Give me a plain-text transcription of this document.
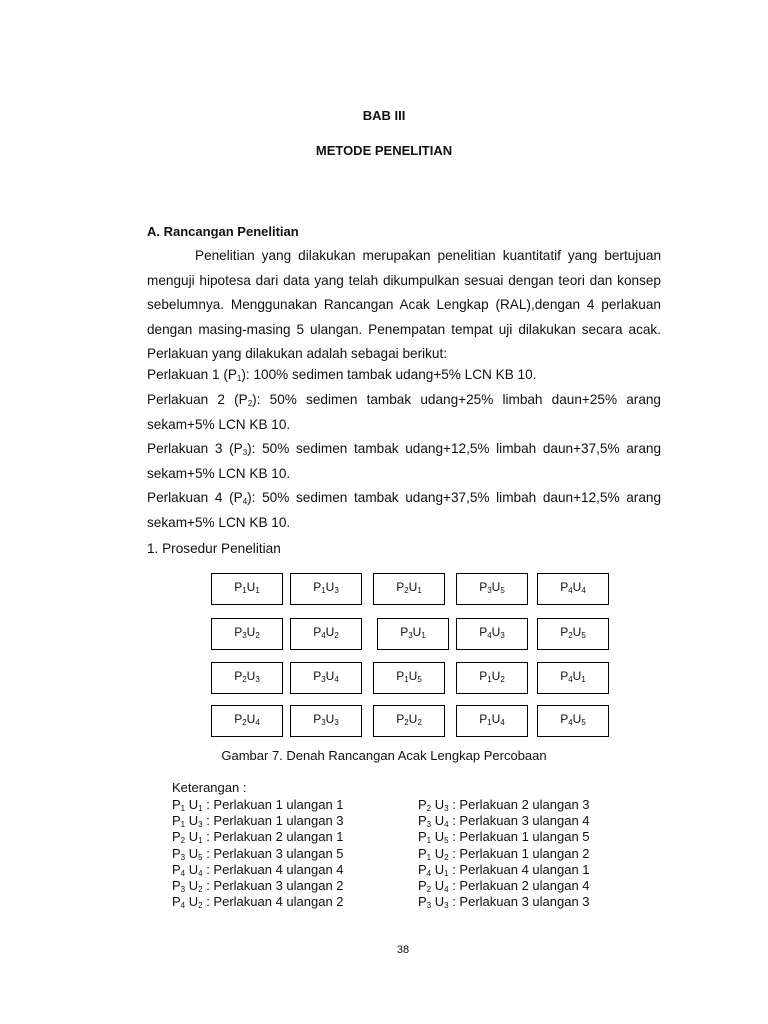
BAB III
METODE PENELITIAN
A. Rancangan Penelitian
Penelitian yang dilakukan merupakan penelitian kuantitatif yang bertujuan menguji hipotesa dari data yang telah dikumpulkan sesuai dengan teori dan konsep sebelumnya. Menggunakan Rancangan Acak Lengkap (RAL),dengan 4 perlakuan dengan masing-masing 5 ulangan. Penempatan tempat uji dilakukan secara acak. Perlakuan yang dilakukan adalah sebagai berikut:
Perlakuan 1 $(P_1)$: 100% sedimen tambak udang+5% LCN KB 10.
Perlakuan 2 $(P_2)$: 50% sedimen tambak udang+25% limbah daun+25% arang
sekam+5% LCN KB 10.
Perlakuan 3 $(P_3)$: 50% sedimen tambak udang+12,5% limbah daun+37,5% arang
sekam+5% LCN KB 10.
Perlakuan 4 $(P_4)$: 50% sedimen tambak udang+37,5% limbah daun+12,5% arang
sekam+5% LCN KB 10.
1. Prosedur Penelitian
$P_1U_1$	$P_1U_3$	$P_2U_1$	$P_3U_5$	$P_4U_4$
$P_3U_2$	$P_4U_2$	$P_3U_1$	$P_4U_3$	$P_2U_5$
$P_2U_3$	$P_3U_4$	$P_1U_5$	$P_1U_2$	$P_4U_1$
$P_2U_4$	$P_3U_3$	$P_2U_2$	$P_1U_4$	$P_4U_5$
Gambar 7. Denah Rancangan Acak Lengkap Percobaan
Keterangan :
$P_1$ $U_1$ : Perlakuan 1 ulangan 1
$P_1$ $U_3$ : Perlakuan 1 ulangan 3
$P_2$ $U_1$ : Perlakuan 2 ulangan 1
$P_3$ $U_5$ : Perlakuan 3 ulangan 5
$P_4$ $U_4$ : Perlakuan 4 ulangan 4
$P_3$ $U_2$ : Perlakuan 3 ulangan 2
$P_4$ $U_2$ : Perlakuan 4 ulangan 2
$P_2$ $U_3$ : Perlakuan 2 ulangan 3
$P_3$ $U_4$ : Perlakuan 3 ulangan 4
$P_1$ $U_5$ : Perlakuan 1 ulangan 5
$P_1$ $U_2$ : Perlakuan 1 ulangan 2
$P_4$ $U_1$ : Perlakuan 4 ulangan 1
$P_2$ $U_4$ : Perlakuan 2 ulangan 4
$P_3$ $U_3$ : Perlakuan 3 ulangan 3
38
